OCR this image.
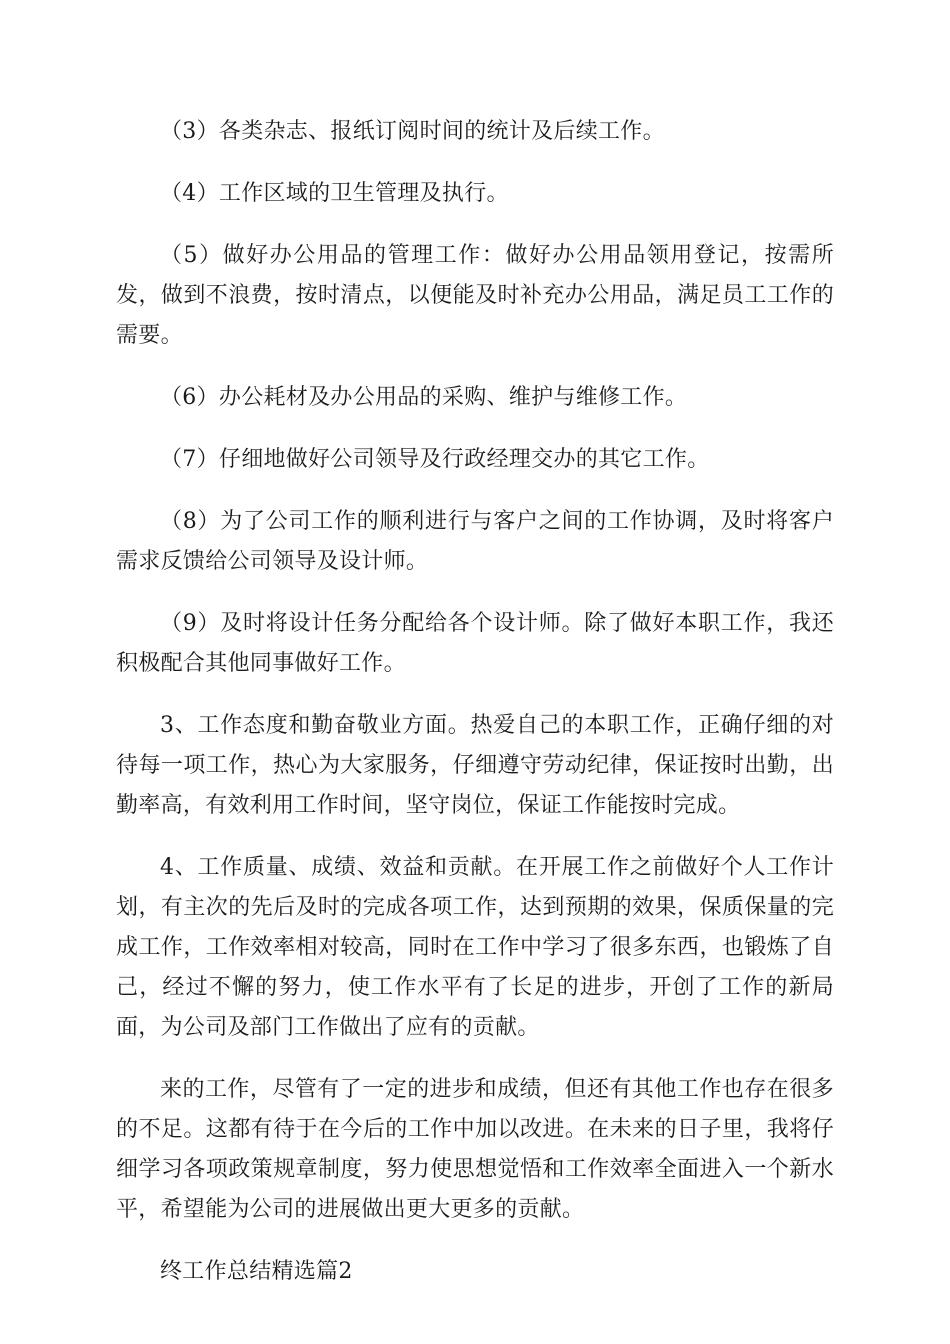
（3）各类杂志、报纸订阅时间的统计及后续工作。

（4）工作区域的卫生管理及执行。

（5）做好办公用品的管理工作：做好办公用品领用登记，按需所发，做到不浪费，按时清点，以便能及时补充办公用品，满足员工工作的需要。

（6）办公耗材及办公用品的采购、维护与维修工作。

（7）仔细地做好公司领导及行政经理交办的其它工作。

（8）为了公司工作的顺利进行与客户之间的工作协调，及时将客户需求反馈给公司领导及设计师。

（9）及时将设计任务分配给各个设计师。除了做好本职工作，我还积极配合其他同事做好工作。

3、工作态度和勤奋敬业方面。热爱自己的本职工作，正确仔细的对待每一项工作，热心为大家服务，仔细遵守劳动纪律，保证按时出勤，出勤率高，有效利用工作时间，坚守岗位，保证工作能按时完成。

4、工作质量、成绩、效益和贡献。在开展工作之前做好个人工作计划，有主次的先后及时的完成各项工作，达到预期的效果，保质保量的完成工作，工作效率相对较高，同时在工作中学习了很多东西，也锻炼了自己，经过不懈的努力，使工作水平有了长足的进步，开创了工作的新局面，为公司及部门工作做出了应有的贡献。

来的工作，尽管有了一定的进步和成绩，但还有其他工作也存在很多的不足。这都有待于在今后的工作中加以改进。在未来的日子里，我将仔细学习各项政策规章制度，努力使思想觉悟和工作效率全面进入一个新水平，希望能为公司的进展做出更大更多的贡献。

终工作总结精选篇2
